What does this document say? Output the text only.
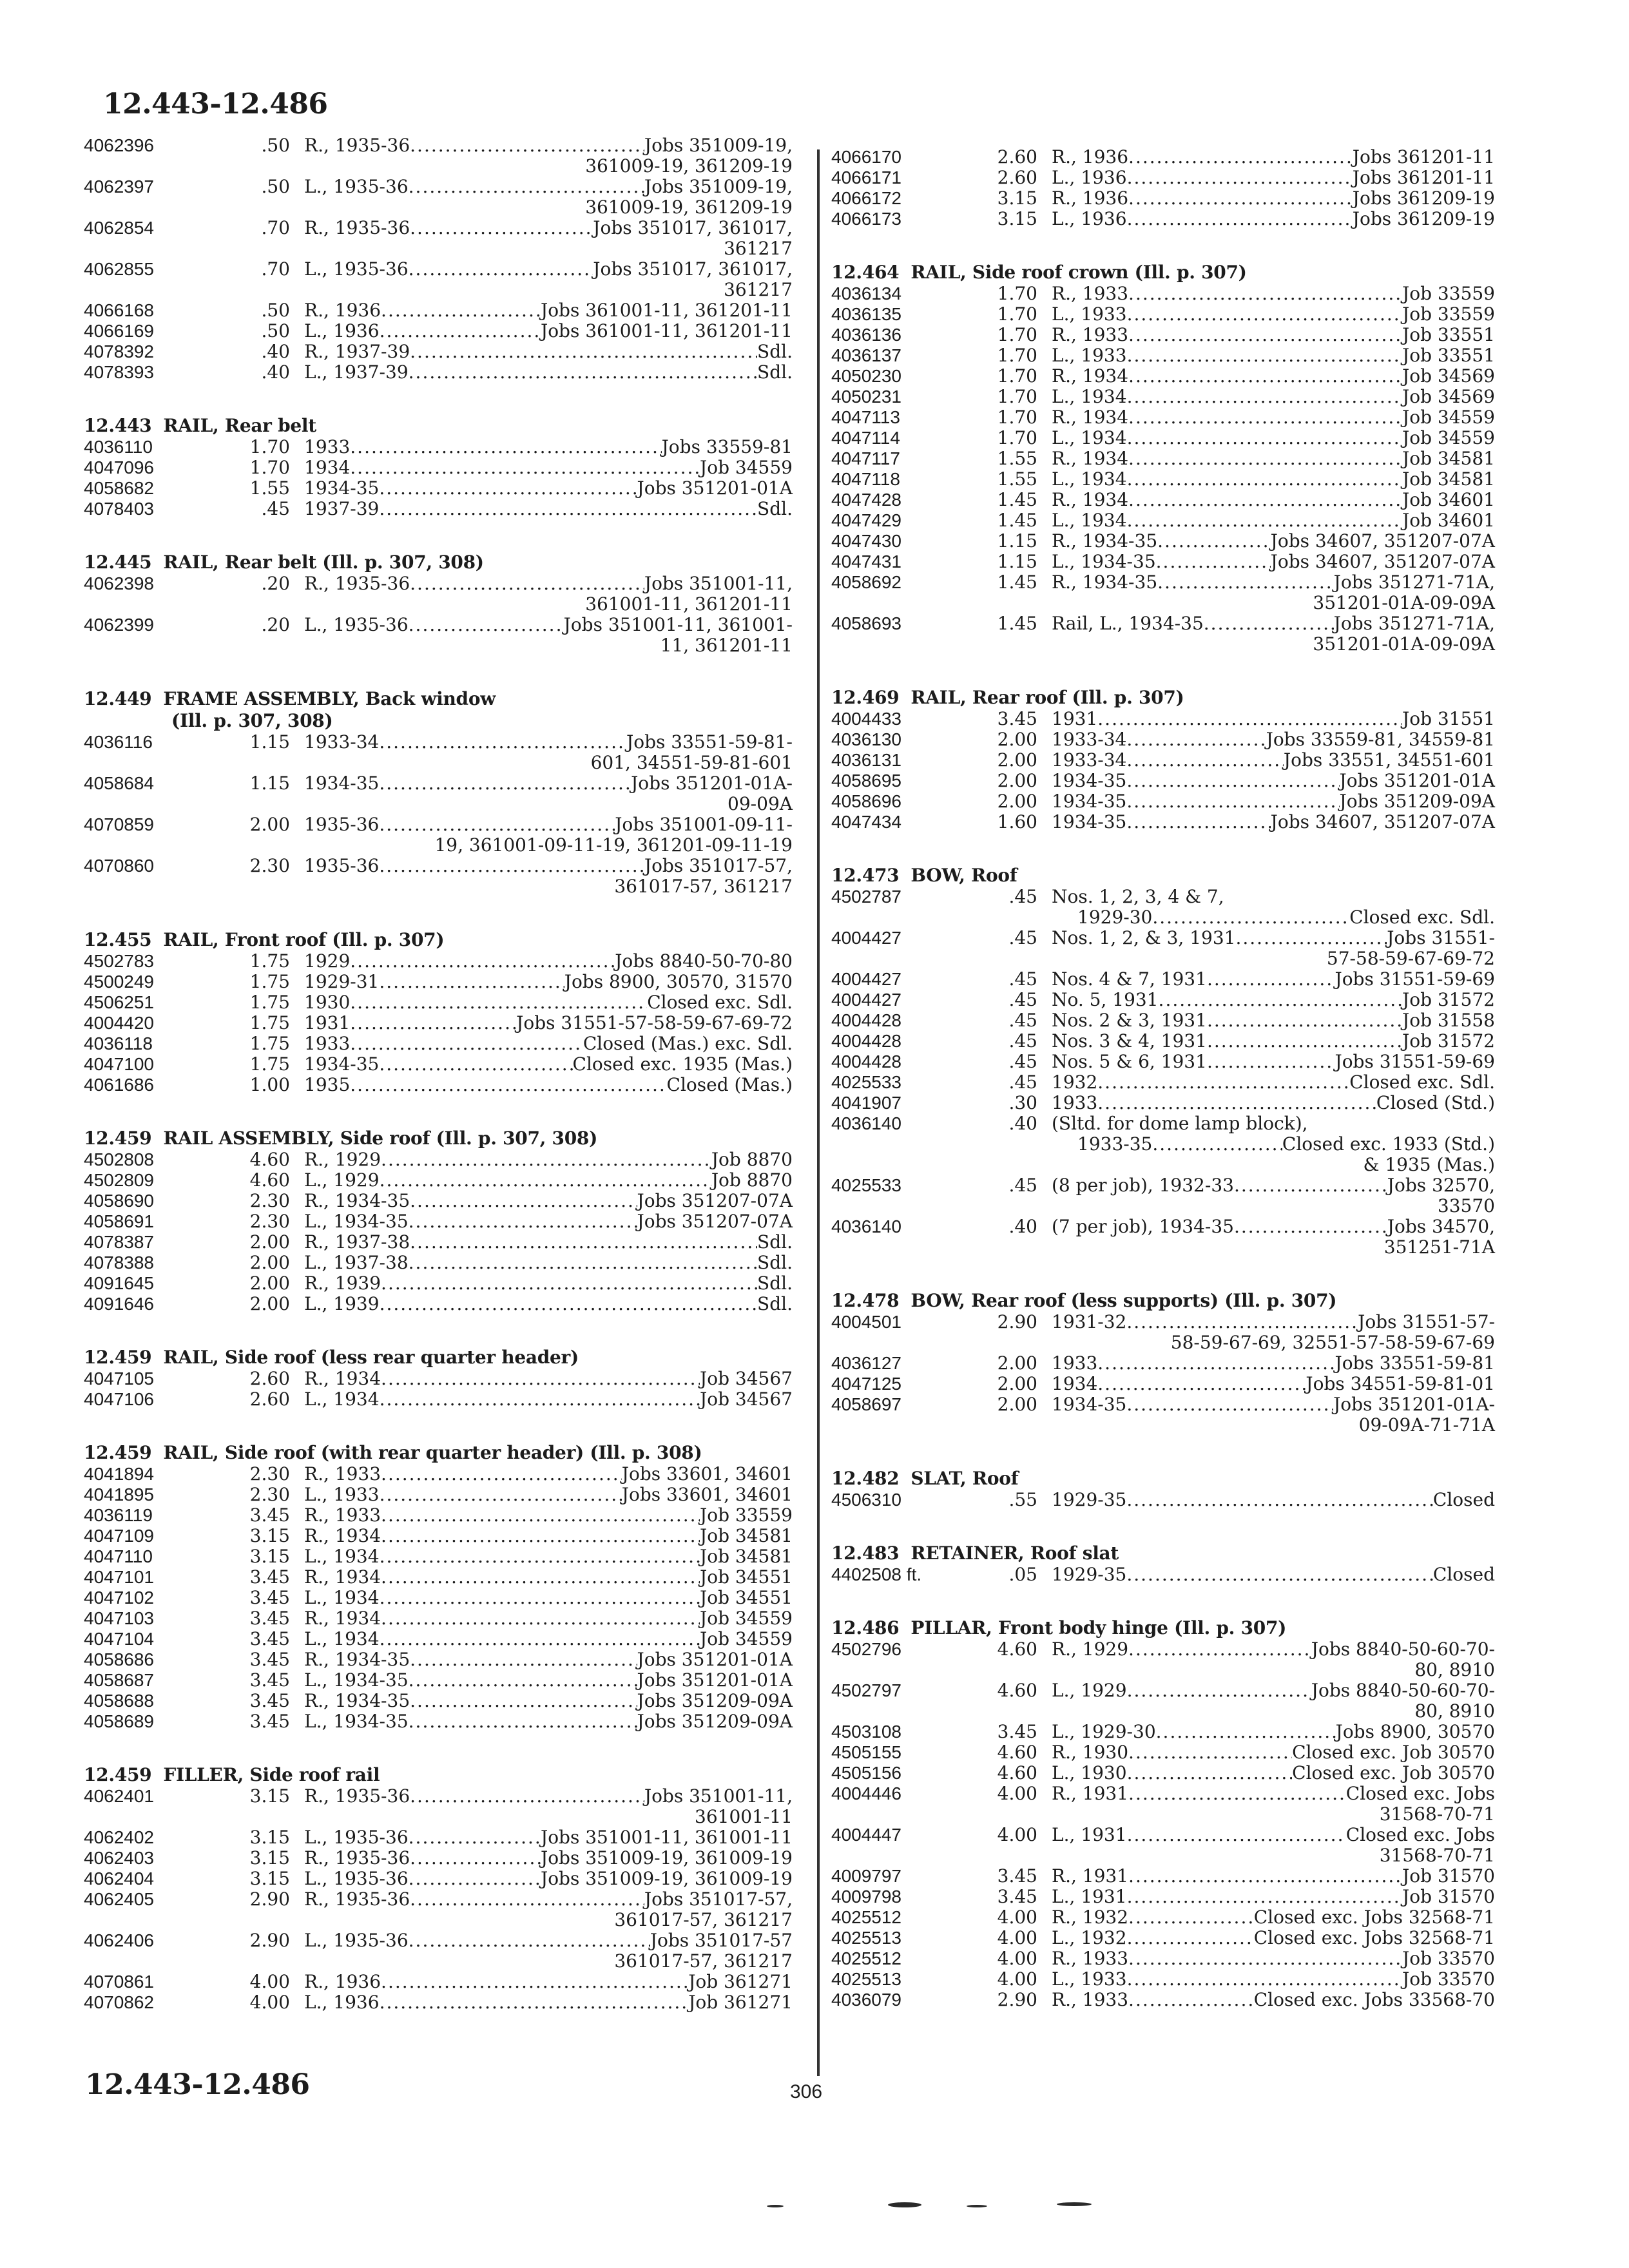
12.443-12.486
4062396	.50 R., 1935-36 .....	Jobs 351009-19,
361009-19, 361209-19
4062397	.50 L., 1935-36 .....	Jobs 351009-19,
361009-19, 361209-19
4062854	.70 R., 1935-36 .....	Jobs 351017, 361017,
361217
4062855	.70 L., 1935-36 .....	Jobs 351017, 361017,
361217
4066168	.50 R., 1936 .....	Jobs 361001-11, 361201-11
4066169	.50 L., 1936 .....	Jobs 361001-11, 361201-11
4078392	.40 R., 1937-39 .....	Sdl.
4078393	.40 L., 1937-39 .....	Sdl.
12.443 RAIL, Rear belt
4036110	1.70 1933 .....	Jobs 33559-81
4047096	1.70 1934 .....	Job 34559
4058682	1.55 1934-35 .....	Jobs 351201-01A
4078403	.45 1937-39 .....	Sdl.
12.445 RAIL, Rear belt (Ill. p. 307, 308)
4062398	.20 R., 1935-36 .....	Jobs 351001-11,
361001-11, 361201-11
4062399	.20 L., 1935-36 .....	Jobs 351001-11, 361001-
11, 361201-11
12.449 FRAME ASSEMBLY, Back window
(Ill. p. 307, 308)
4036116	1.15 1933-34 .....	Jobs 33551-59-81-
601, 34551-59-81-601
4058684	1.15 1934-35 .....	Jobs 351201-01A-
09-09A
4070859	2.00 1935-36 .....	Jobs 351001-09-11-
19, 361001-09-11-19, 361201-09-11-19
4070860	2.30 1935-36 .....	Jobs 351017-57,
361017-57, 361217
12.455 RAIL, Front roof (Ill. p. 307)
4502783	1.75 1929 .....	Jobs 8840-50-70-80
4500249	1.75 1929-31 .....	Jobs 8900, 30570, 31570
4506251	1.75 1930 .....	Closed exc. Sdl.
4004420	1.75 1931 .....	Jobs 31551-57-58-59-67-69-72
4036118	1.75 1933 .....	Closed (Mas.) exc. Sdl.
4047100	1.75 1934-35 .....	Closed exc. 1935 (Mas.)
4061686	1.00 1935 .....	Closed (Mas.)
12.459 RAIL ASSEMBLY, Side roof (Ill. p. 307, 308)
4502808	4.60 R., 1929 .....	Job 8870
4502809	4.60 L., 1929 .....	Job 8870
4058690	2.30 R., 1934-35 .....	Jobs 351207-07A
4058691	2.30 L., 1934-35 .....	Jobs 351207-07A
4078387	2.00 R., 1937-38 .....	Sdl.
4078388	2.00 L., 1937-38 .....	Sdl.
4091645	2.00 R., 1939 .....	Sdl.
4091646	2.00 L., 1939 .....	Sdl.
12.459 RAIL, Side roof (less rear quarter header)
4047105	2.60 R., 1934 .....	Job 34567
4047106	2.60 L., 1934 .....	Job 34567
12.459 RAIL, Side roof (with rear quarter header) (Ill. p. 308)
4041894	2.30 R., 1933 .....	Jobs 33601, 34601
4041895	2.30 L., 1933 .....	Jobs 33601, 34601
4036119	3.45 R., 1933 .....	Job 33559
4047109	3.15 R., 1934 .....	Job 34581
4047110	3.15 L., 1934 .....	Job 34581
4047101	3.45 R., 1934 .....	Job 34551
4047102	3.45 L., 1934 .....	Job 34551
4047103	3.45 R., 1934 .....	Job 34559
4047104	3.45 L., 1934 .....	Job 34559
4058686	3.45 R., 1934-35 .....	Jobs 351201-01A
4058687	3.45 L., 1934-35 .....	Jobs 351201-01A
4058688	3.45 R., 1934-35 .....	Jobs 351209-09A
4058689	3.45 L., 1934-35 .....	Jobs 351209-09A
12.459 FILLER, Side roof rail
4062401	3.15 R., 1935-36 .....	Jobs 351001-11,
361001-11
4062402	3.15 L., 1935-36 .....	Jobs 351001-11, 361001-11
4062403	3.15 R., 1935-36 .....	Jobs 351009-19, 361009-19
4062404	3.15 L., 1935-36 .....	Jobs 351009-19, 361009-19
4062405	2.90 R., 1935-36 .....	Jobs 351017-57,
361017-57, 361217
4062406	2.90 L., 1935-36 .....	Jobs 351017-57
361017-57, 361217
4070861	4.00 R., 1936 .....	Job 361271
4070862	4.00 L., 1936 .....	Job 361271
4066170	2.60 R., 1936 .....	Jobs 361201-11
4066171	2.60 L., 1936 .....	Jobs 361201-11
4066172	3.15 R., 1936 .....	Jobs 361209-19
4066173	3.15 L., 1936 .....	Jobs 361209-19
12.464 RAIL, Side roof crown (Ill. p. 307)
4036134	1.70 R., 1933 .....	Job 33559
4036135	1.70 L., 1933 .....	Job 33559
4036136	1.70 R., 1933 .....	Job 33551
4036137	1.70 L., 1933 .....	Job 33551
4050230	1.70 R., 1934 .....	Job 34569
4050231	1.70 L., 1934 .....	Job 34569
4047113	1.70 R., 1934 .....	Job 34559
4047114	1.70 L., 1934 .....	Job 34559
4047117	1.55 R., 1934 .....	Job 34581
4047118	1.55 L., 1934 .....	Job 34581
4047428	1.45 R., 1934 .....	Job 34601
4047429	1.45 L., 1934 .....	Job 34601
4047430	1.15 R., 1934-35 .....	Jobs 34607, 351207-07A
4047431	1.15 L., 1934-35 .....	Jobs 34607, 351207-07A
4058692	1.45 R., 1934-35 .....	Jobs 351271-71A,
351201-01A-09-09A
4058693	1.45 Rail, L., 1934-35 .....	Jobs 351271-71A,
351201-01A-09-09A
12.469 RAIL, Rear roof (Ill. p. 307)
4004433	3.45 1931 .....	Job 31551
4036130	2.00 1933-34 .....	Jobs 33559-81, 34559-81
4036131	2.00 1933-34 .....	Jobs 33551, 34551-601
4058695	2.00 1934-35 .....	Jobs 351201-01A
4058696	2.00 1934-35 .....	Jobs 351209-09A
4047434	1.60 1934-35 .....	Jobs 34607, 351207-07A
12.473 BOW, Roof
4502787	.45 Nos. 1, 2, 3, 4 & 7,
1929-30 .....	Closed exc. Sdl.
4004427	.45 Nos. 1, 2, & 3, 1931 .....	Jobs 31551-
57-58-59-67-69-72
4004427	.45 Nos. 4 & 7, 1931 .....	Jobs 31551-59-69
4004427	.45 No. 5, 1931 .....	Job 31572
4004428	.45 Nos. 2 & 3, 1931 .....	Job 31558
4004428	.45 Nos. 3 & 4, 1931 .....	Job 31572
4004428	.45 Nos. 5 & 6, 1931 .....	Jobs 31551-59-69
4025533	.45 1932 .....	Closed exc. Sdl.
4041907	.30 1933 .....	Closed (Std.)
4036140	.40 (Sltd. for dome lamp block),
1933-35 .....	Closed exc. 1933 (Std.)
& 1935 (Mas.)
4025533	.45 (8 per job), 1932-33 .....	Jobs 32570,
33570
4036140	.40 (7 per job), 1934-35 .....	Jobs 34570,
351251-71A
12.478 BOW, Rear roof (less supports) (Ill. p. 307)
4004501	2.90 1931-32 .....	Jobs 31551-57-
58-59-67-69, 32551-57-58-59-67-69
4036127	2.00 1933 .....	Jobs 33551-59-81
4047125	2.00 1934 .....	Jobs 34551-59-81-01
4058697	2.00 1934-35 .....	Jobs 351201-01A-
09-09A-71-71A
12.482 SLAT, Roof
4506310	.55 1929-35 .....	Closed
12.483 RETAINER, Roof slat
4402508 ft.	.05 1929-35 .....	Closed
12.486 PILLAR, Front body hinge (Ill. p. 307)
4502796	4.60 R., 1929 .....	Jobs 8840-50-60-70-
80, 8910
4502797	4.60 L., 1929 .....	Jobs 8840-50-60-70-
80, 8910
4503108	3.45 L., 1929-30 .....	Jobs 8900, 30570
4505155	4.60 R., 1930 .....	Closed exc. Job 30570
4505156	4.60 L., 1930 .....	Closed exc. Job 30570
4004446	4.00 R., 1931 .....	Closed exc. Jobs
31568-70-71
4004447	4.00 L., 1931 .....	Closed exc. Jobs
31568-70-71
4009797	3.45 R., 1931 .....	Job 31570
4009798	3.45 L., 1931 .....	Job 31570
4025512	4.00 R., 1932 .....	Closed exc. Jobs 32568-71
4025513	4.00 L., 1932 .....	Closed exc. Jobs 32568-71
4025512	4.00 R., 1933 .....	Job 33570
4025513	4.00 L., 1933 .....	Job 33570
4036079	2.90 R., 1933 .....	Closed exc. Jobs 33568-70
12.443-12.486	306
